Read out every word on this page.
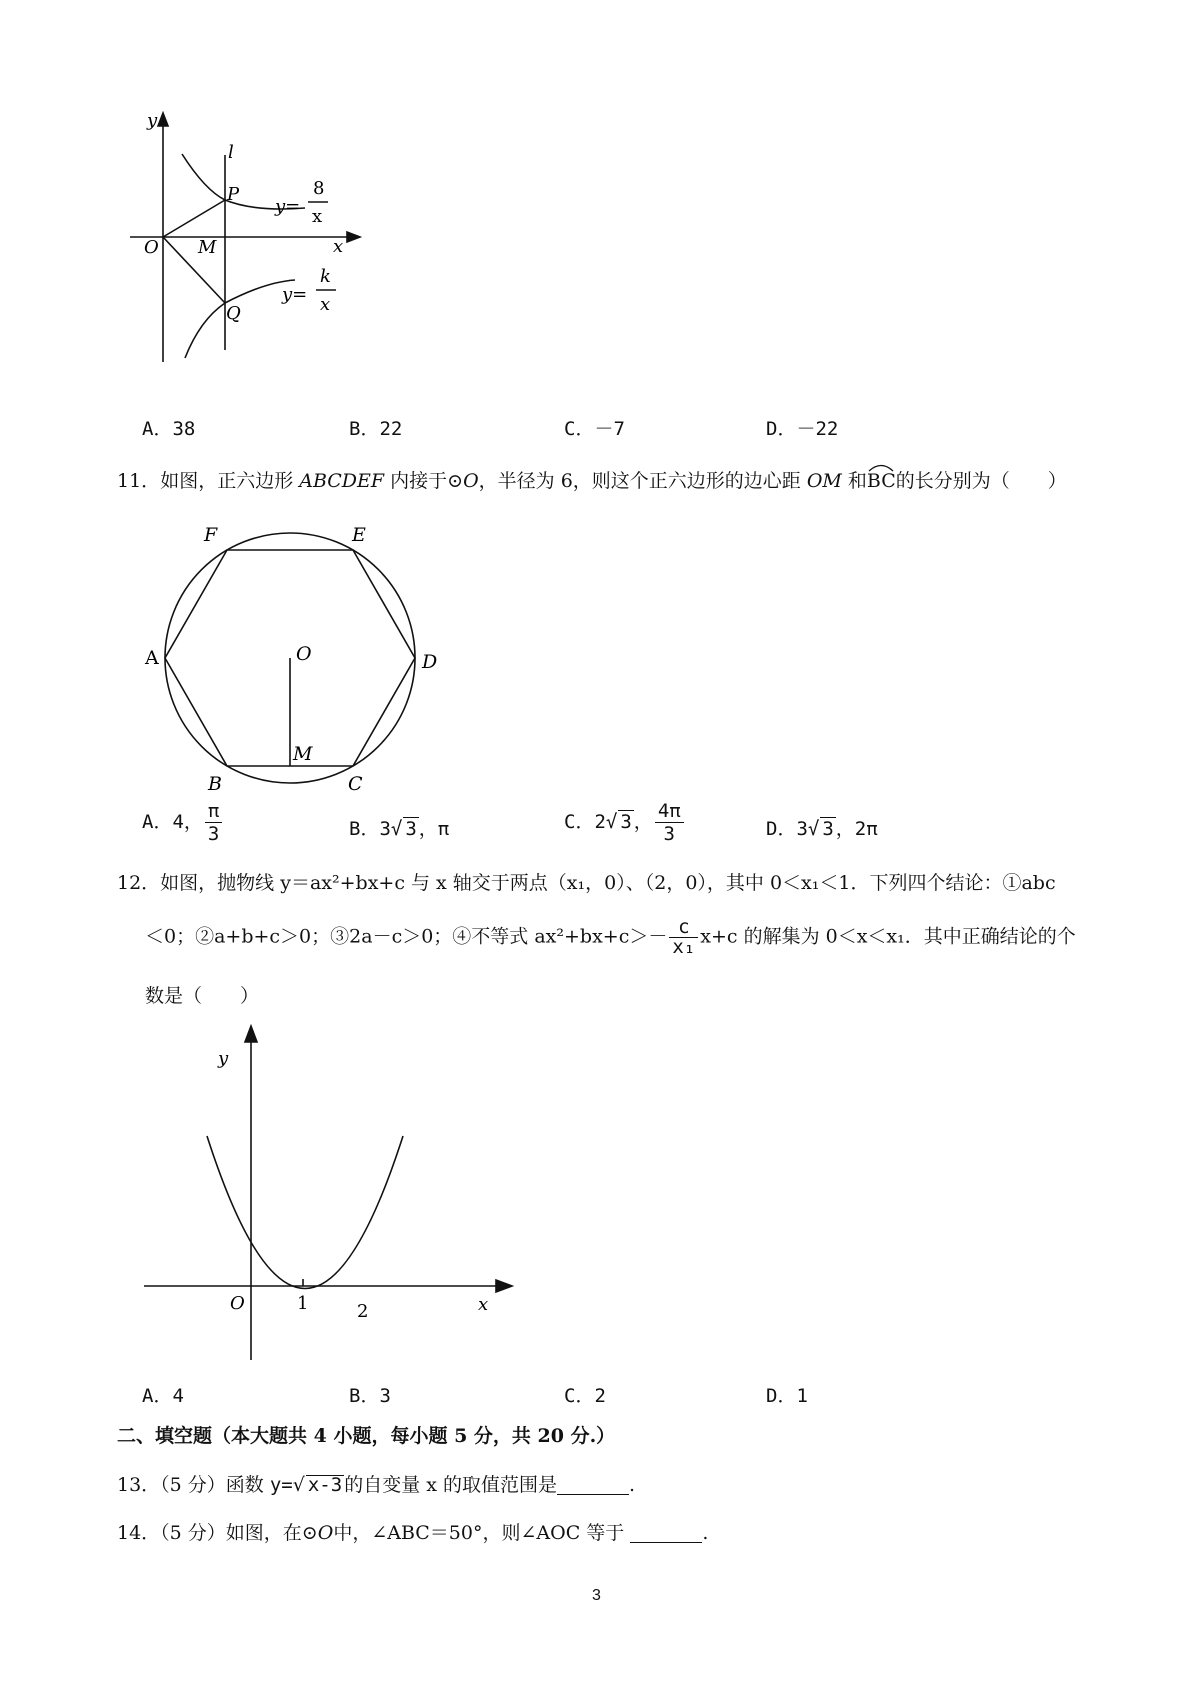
y
l
P
O M	x
Q
y=
8
x
y=
k
x
A．38	B．22	C．－7	D．－22
11．如图，正六边形 ABCDEF 内接于⊙O，半径为 6，则这个正六边形的边心距 OM 和
BC的长分别为（　　）
F	E
A	D
O
M
B	C
A．4， $\frac{\pi}{3}$	B．3√ 3 ，π	C．2√ 3 ， $\frac{4\pi}{3}$	D．3√ 3 ，2π
12．如图，抛物线 y＝ax²+bx+c 与 x 轴交于两点（x₁，0）、（2，0），其中 0＜x₁＜1．下列四个结论：①abc
＜0；②a+b+c＞0；③2a－c＞0；④不等式 $ax^2+bx+c>- \frac{c}{\text{x₁}} x+c$ 的解集为 0＜x＜x₁．其中正确结论的个
数是（　　）
y
O	1	2	x
A．4	B．3	C．2	D．1
二、填空题（本大题共 4 小题，每小题 5 分，共 20 分.）
13．（5 分）函数 y=√ x-3 的自变量 x 的取值范围是	.
14．（5 分）如图，在⊙O中，∠ABC＝50°，则∠AOC 等于	.
3
